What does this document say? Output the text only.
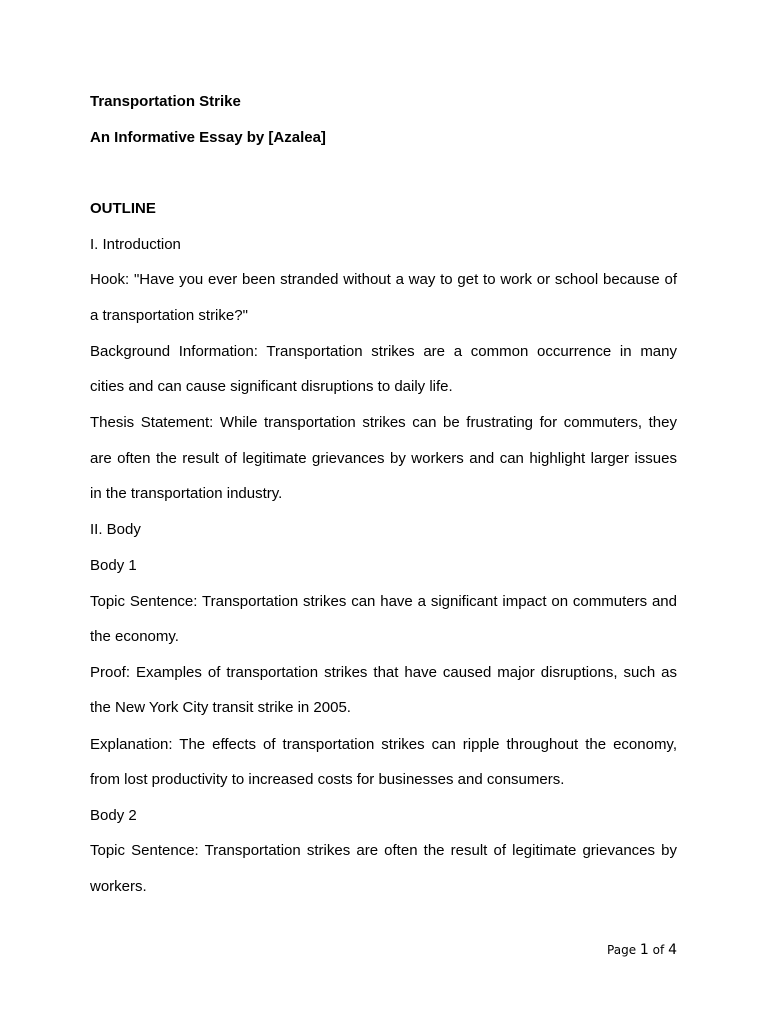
Transportation Strike
An Informative Essay by [Azalea]
OUTLINE
I. Introduction
Hook: "Have you ever been stranded without a way to get to work or school because of
a transportation strike?"
Background Information: Transportation strikes are a common occurrence in many
cities and can cause significant disruptions to daily life.
Thesis Statement: While transportation strikes can be frustrating for commuters, they
are often the result of legitimate grievances by workers and can highlight larger issues
in the transportation industry.
II. Body
Body 1
Topic Sentence: Transportation strikes can have a significant impact on commuters and
the economy.
Proof: Examples of transportation strikes that have caused major disruptions, such as
the New York City transit strike in 2005.
Explanation: The effects of transportation strikes can ripple throughout the economy,
from lost productivity to increased costs for businesses and consumers.
Body 2
Topic Sentence: Transportation strikes are often the result of legitimate grievances by
workers.
Page 1 of 4
